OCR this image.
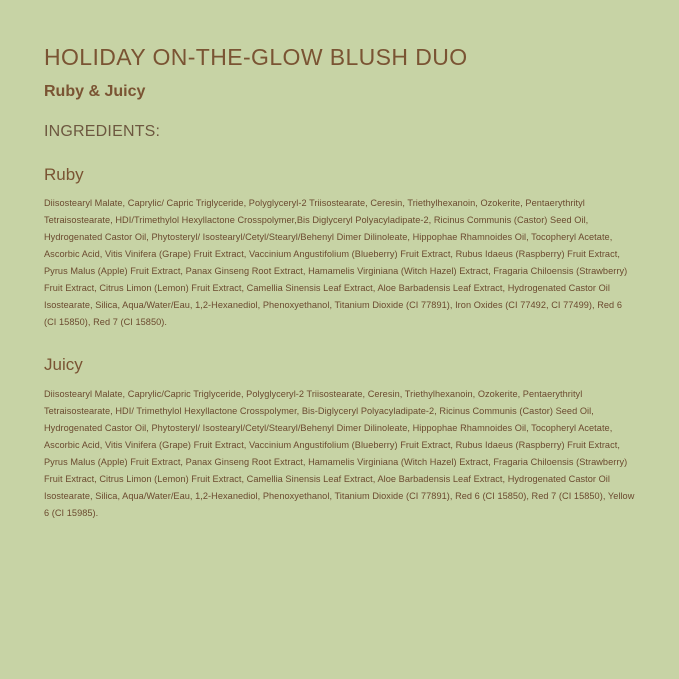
HOLIDAY ON-THE-GLOW BLUSH DUO
Ruby & Juicy
INGREDIENTS:
Ruby

Diisostearyl Malate, Caprylic/ Capric Triglyceride, Polyglyceryl-2 Triisostearate, Ceresin, Triethylhexanoin, Ozokerite, Pentaerythrityl Tetraisostearate, HDI/Trimethylol Hexyllactone Crosspolymer,Bis Diglyceryl Polyacyladipate-2, Ricinus Communis (Castor) Seed Oil, Hydrogenated Castor Oil, Phytosteryl/ Isostearyl/Cetyl/Stearyl/Behenyl Dimer Dilinoleate, Hippophae Rhamnoides Oil, Tocopheryl Acetate, Ascorbic Acid, Vitis Vinifera (Grape) Fruit Extract, Vaccinium Angustifolium (Blueberry) Fruit Extract, Rubus Idaeus (Raspberry) Fruit Extract, Pyrus Malus (Apple) Fruit Extract, Panax Ginseng Root Extract, Hamamelis Virginiana (Witch Hazel) Extract, Fragaria Chiloensis (Strawberry) Fruit Extract, Citrus Limon (Lemon) Fruit Extract, Camellia Sinensis Leaf Extract, Aloe Barbadensis Leaf Extract, Hydrogenated Castor Oil Isostearate, Silica, Aqua/Water/Eau, 1,2-Hexanediol, Phenoxyethanol, Titanium Dioxide (CI 77891), Iron Oxides (CI 77492, CI 77499), Red 6 (CI 15850), Red 7 (CI 15850).

Juicy

Diisostearyl Malate, Caprylic/Capric Triglyceride, Polyglyceryl-2 Triisostearate, Ceresin, Triethylhexanoin, Ozokerite, Pentaerythrityl Tetraisostearate, HDI/ Trimethylol Hexyllactone Crosspolymer, Bis-Diglyceryl Polyacyladipate-2, Ricinus Communis (Castor) Seed Oil, Hydrogenated Castor Oil, Phytosteryl/ Isostearyl/Cetyl/Stearyl/Behenyl Dimer Dilinoleate, Hippophae Rhamnoides Oil, Tocopheryl Acetate, Ascorbic Acid, Vitis Vinifera (Grape) Fruit Extract, Vaccinium Angustifolium (Blueberry) Fruit Extract, Rubus Idaeus (Raspberry) Fruit Extract, Pyrus Malus (Apple) Fruit Extract, Panax Ginseng Root Extract, Hamamelis Virginiana (Witch Hazel) Extract, Fragaria Chiloensis (Strawberry) Fruit Extract, Citrus Limon (Lemon) Fruit Extract, Camellia Sinensis Leaf Extract, Aloe Barbadensis Leaf Extract, Hydrogenated Castor Oil Isostearate, Silica, Aqua/Water/Eau, 1,2-Hexanediol, Phenoxyethanol, Titanium Dioxide (CI 77891), Red 6 (CI 15850), Red 7 (CI 15850), Yellow 6 (CI 15985).
